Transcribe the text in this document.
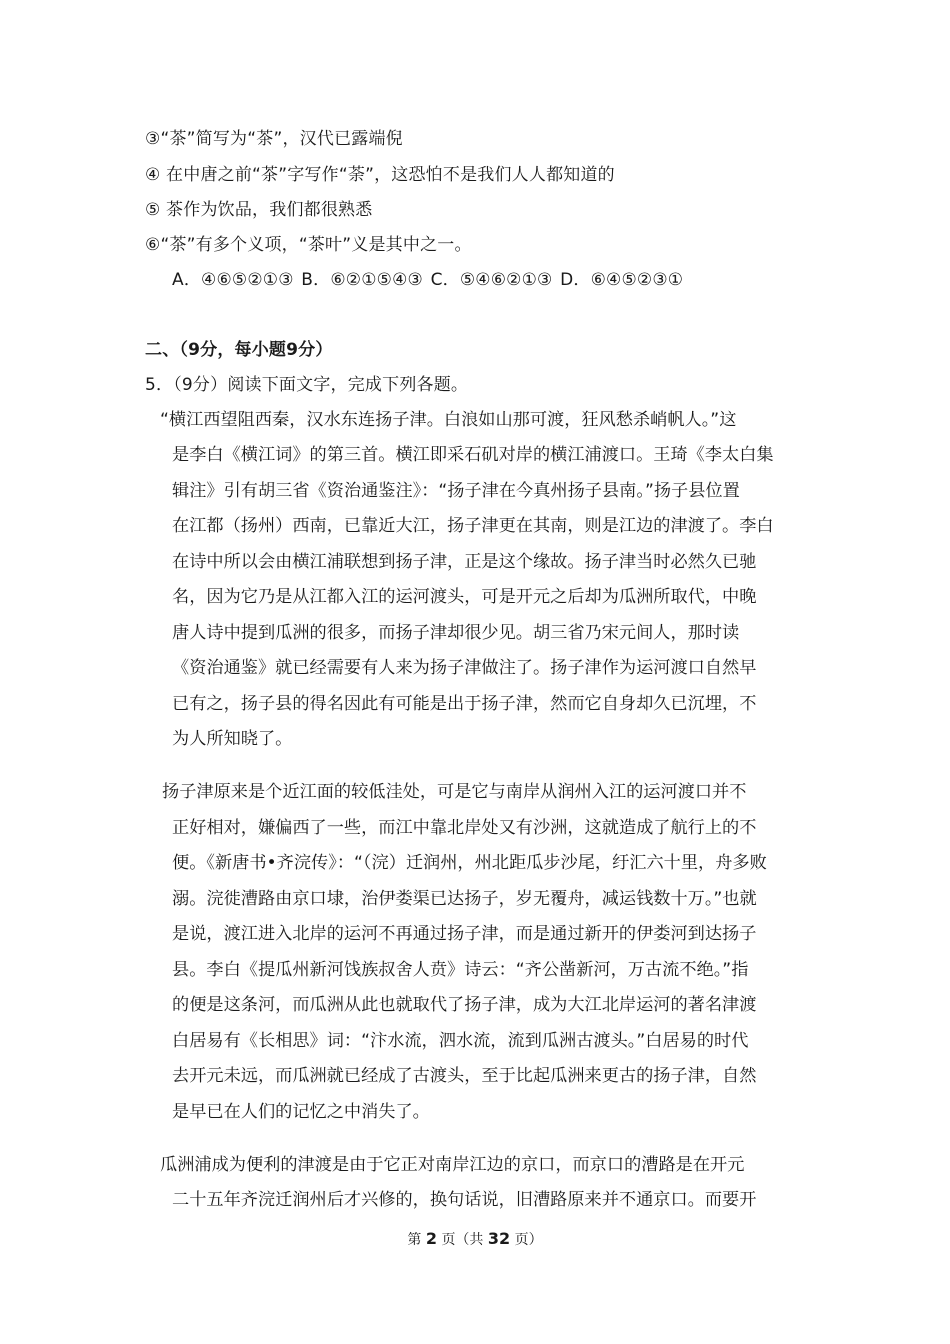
③“茶”简写为“茶”，汉代已露端倪
④ 在中唐之前“茶”字写作“荼”，这恐怕不是我们人人都知道的
⑤ 茶作为饮品，我们都很熟悉
⑥“茶”有多个义项，“茶叶”义是其中之一。
A．④⑥⑤②①③ B．⑥②①⑤④③ C．⑤④⑥②①③ D．⑥④⑤②③①
二、（9分，每小题9分）
5．（9分）阅读下面文字，完成下列各题。
“横江西望阻西秦，汉水东连扬子津。白浪如山那可渡，狂风愁杀峭帆人。”这
是李白《横江词》的第三首。横江即采石矶对岸的横江浦渡口。王琦《李太白集
辑注》引有胡三省《资治通鉴注》：“扬子津在今真州扬子县南。”扬子县位置
在江都（扬州）西南，已靠近大江，扬子津更在其南，则是江边的津渡了。李白
在诗中所以会由横江浦联想到扬子津，正是这个缘故。扬子津当时必然久已驰
名，因为它乃是从江都入江的运河渡头，可是开元之后却为瓜洲所取代，中晚
唐人诗中提到瓜洲的很多，而扬子津却很少见。胡三省乃宋元间人，那时读
《资治通鉴》就已经需要有人来为扬子津做注了。扬子津作为运河渡口自然早
已有之，扬子县的得名因此有可能是出于扬子津，然而它自身却久已沉埋，不
为人所知晓了。
扬子津原来是个近江面的较低洼处，可是它与南岸从润州入江的运河渡口并不
正好相对，嫌偏西了一些，而江中靠北岸处又有沙洲，这就造成了航行上的不
便。《新唐书•齐浣传》：“（浣）迁润州，州北距瓜步沙尾，纡汇六十里，舟多败
溺。浣徙漕路由京口埭，治伊娄渠已达扬子，岁无覆舟，减运钱数十万。”也就
是说，渡江进入北岸的运河不再通过扬子津，而是通过新开的伊娄河到达扬子
县。李白《提瓜州新河饯族叔舍人贲》诗云：“齐公凿新河，万古流不绝。”指
的便是这条河，而瓜洲从此也就取代了扬子津，成为大江北岸运河的著名津渡
白居易有《长相思》词：“汴水流，泗水流，流到瓜洲古渡头。”白居易的时代
去开元未远，而瓜洲就已经成了古渡头，至于比起瓜洲来更古的扬子津，自然
是早已在人们的记忆之中消失了。
瓜洲浦成为便利的津渡是由于它正对南岸江边的京口，而京口的漕路是在开元
二十五年齐浣迁润州后才兴修的，换句话说，旧漕路原来并不通京口。而要开
第 2 页（共 32 页）
